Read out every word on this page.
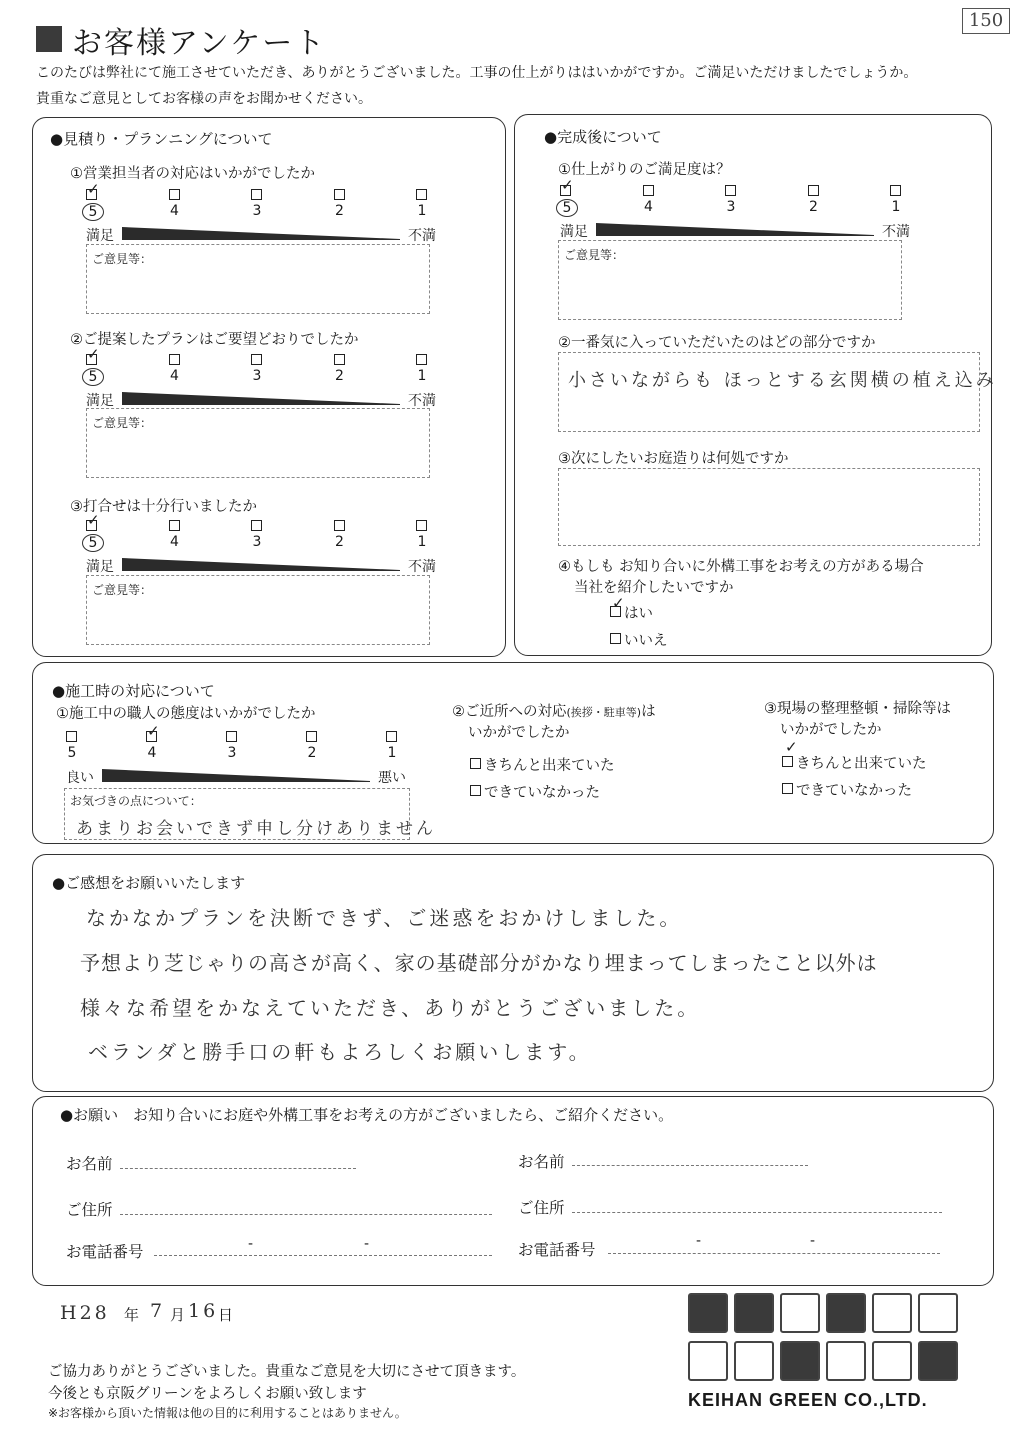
150
お客様アンケート
このたびは弊社にて施工させていただき、ありがとうございました。工事の仕上がりははいかがですか。ご満足いただけましたでしょうか。
貴重なご意見としてお客様の声をお聞かせください。
●見積り・プランニングについて
①営業担当者の対応はいかがでしたか
✓
5	4	3	2	1
満足	不満
ご意見等：
②ご提案したプランはご要望どおりでしたか
✓
5	4	3	2	1
満足	不満
ご意見等：
③打合せは十分行いましたか
✓
5	4	3	2	1
満足	不満
ご意見等：
●完成後について
①仕上がりのご満足度は？
✓
5	4	3	2	1
満足	不満
ご意見等：
②一番気に入っていただいたのはどの部分ですか
小さいながらも ほっとする玄関横の植え込み
③次にしたいお庭造りは何処ですか
④もしも お知り合いに外構工事をお考えの方がある場合
当社を紹介したいですか
はい
✓
いいえ
●施工時の対応について
①施工中の職人の態度はいかがでしたか
5
✓
4	3	2	1
良い	悪い
お気づきの点について：
あまりお会いできず申し分けありません
②ご近所への対応(挨拶・駐車等)は
いかがでしたか
きちんと出来ていた
できていなかった
③現場の整理整頓・掃除等は
いかがでしたか
きちんと出来ていた
✓
できていなかった
●ご感想をお願いいたします
なかなかプランを決断できず、ご迷惑をおかけしました。
予想より芝じゃりの高さが高く、家の基礎部分がかなり埋まってしまったこと以外は
様々な希望をかなえていただき、ありがとうございました。
ベランダと勝手口の軒もよろしくお願いします。
●お願い　お知り合いにお庭や外構工事をお考えの方がございましたら、ご紹介ください。
お名前	お名前
ご住所	ご住所
お電話番号	-	-	お電話番号	-	-
H28 年 7 月 16 日
ご協力ありがとうございました。貴重なご意見を大切にさせて頂きます。
今後とも京阪グリーンをよろしくお願い致します
※お客様から頂いた情報は他の目的に利用することはありません。
KEIHAN GREEN CO.,LTD.
